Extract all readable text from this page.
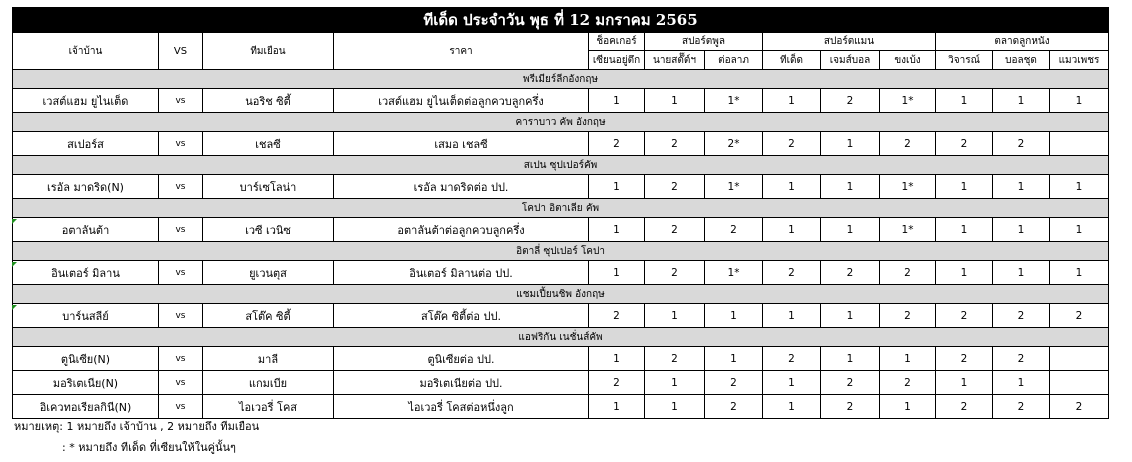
ทีเด็ด ประจำวัน พุธ ที่ 12 มกราคม 2565												
เจ้าบ้าน	VS	ทีมเยือน	ราคา	ช็อคเกอร์	สปอร์ตพูล		สปอร์ตแมน			ตลาดลูกหนัง		
				เซียนอยู่ตึก	นายสต๊๊ต์ฯ	ต่อลาภ	ทีเด็ด	เจมส์บอล	ขงเบ้ง	วิจารณ์	บอลชุด	แมวเพชร
พรีเมียร์ลีกอังกฤษ												
เวสต์แฮม ยูไนเต็ด	vs	นอริช ซิตี้	เวสต์แฮม ยูไนเต็ดต่อลูกควบลูกครึ่ง	1	1	1*	1	2	1*	1	1	1
คาราบาว คัพ อังกฤษ												
สเปอร์ส	vs	เชลซี	เสมอ เชลซี	2	2	2*	2	1	2	2	2	
สเปน ซุปเปอร์คัพ												
เรอัล มาดริด(N)	vs	บาร์เซโลน่า	เรอัล มาดริดต่อ ปป.	1	2	1*	1	1	1*	1	1	1
โคปา อิตาเลีย คัพ												
อตาลันต้า	vs	เวซี เวนิซ	อตาลันต้าต่อลูกควบลูกครึ่ง	1	2	2	1	1	1*	1	1	1
อิตาลี่ ซุปเปอร์ โคปา												
อินเตอร์ มิลาน	vs	ยูเวนตุส	อินเตอร์ มิลานต่อ ปป.	1	2	1*	2	2	2	1	1	1
แชมเปี้ยนชิพ อังกฤษ												
บาร์นสลีย์	vs	สโต๊ค ซิตี้	สโต๊ค ซิตี้ต่อ ปป.	2	1	1	1	1	2	2	2	2
แอฟริกัน เนชั่นส์คัพ												
ตูนิเซีย(N)	vs	มาลี	ตูนิเซียต่อ ปป.	1	2	1	2	1	1	2	2	
มอริเตเนีย(N)	vs	แกมเบีย	มอริเตเนียต่อ ปป.	2	1	2	1	2	2	1	1	
อิเควทอเรียลกินี(N)	vs	ไอเวอรี่ โคส	ไอเวอรี่ โคสต่อหนึ่งลูก	1	1	2	1	2	1	2	2	2
หมายเหตุ: 1 หมายถึง เจ้าบ้าน , 2 หมายถึง ทีมเยือน
: * หมายถึง ทีเด็ด ที่เซียนให้ในคู่นั้นๆ
